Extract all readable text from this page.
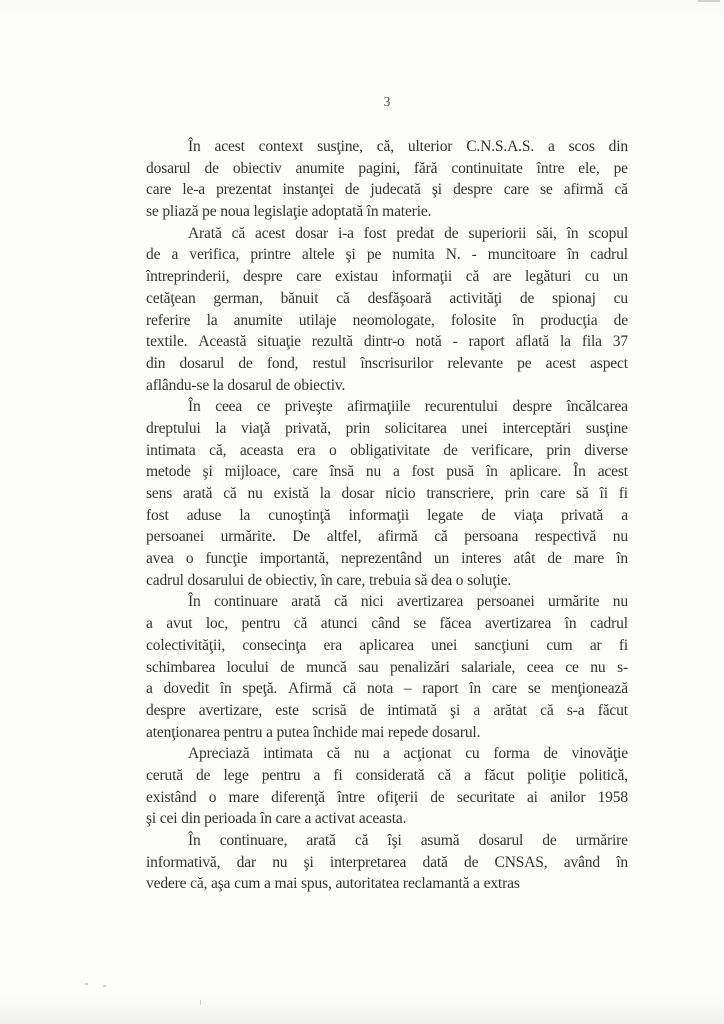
3
În acest context susţine, că, ulterior C.N.S.A.S. a scos din
dosarul de obiectiv anumite pagini, fără continuitate între ele, pe
care le-a prezentat instanţei de judecată şi despre care se afirmă că
se pliază pe noua legislaţie adoptată în materie.
Arată că acest dosar i-a fost predat de superiorii săi, în scopul
de a verifica, printre altele şi pe numita N. - muncitoare în cadrul
întreprinderii, despre care existau informaţii că are legături cu un
cetăţean german, bănuit că desfăşoară activităţi de spionaj cu
referire la anumite utilaje neomologate, folosite în producţia de
textile. Această situaţie rezultă dintr-o notă - raport aflată la fila 37
din dosarul de fond, restul înscrisurilor relevante pe acest aspect
aflându-se la dosarul de obiectiv.
În ceea ce priveşte afirmaţiile recurentului despre încălcarea
dreptului la viaţă privată, prin solicitarea unei interceptări susţine
intimata că, aceasta era o obligativitate de verificare, prin diverse
metode şi mijloace, care însă nu a fost pusă în aplicare. În acest
sens arată că nu există la dosar nicio transcriere, prin care să îi fi
fost aduse la cunoştinţă informaţii legate de viaţa privată a
persoanei urmărite. De altfel, afirmă că persoana respectivă nu
avea o funcţie importantă, neprezentând un interes atât de mare în
cadrul dosarului de obiectiv, în care, trebuia să dea o soluţie.
În continuare arată că nici avertizarea persoanei urmărite nu
a avut loc, pentru că atunci când se făcea avertizarea în cadrul
colectivităţii, consecinţa era aplicarea unei sancţiuni cum ar fi
schimbarea locului de muncă sau penalizări salariale, ceea ce nu s-
a dovedit în speţă. Afirmă că nota – raport în care se menţionează
despre avertizare, este scrisă de intimată şi a arătat că s-a făcut
atenţionarea pentru a putea închide mai repede dosarul.
Apreciază intimata că nu a acţionat cu forma de vinovăţie
cerută de lege pentru a fi considerată că a făcut poliţie politică,
existând o mare diferenţă între ofiţerii de securitate ai anilor 1958
şi cei din perioada în care a activat aceasta.
În continuare, arată că îşi asumă dosarul de urmărire
informativă, dar nu şi interpretarea dată de CNSAS, având în
vedere că, aşa cum a mai spus, autoritatea reclamantă a extras
